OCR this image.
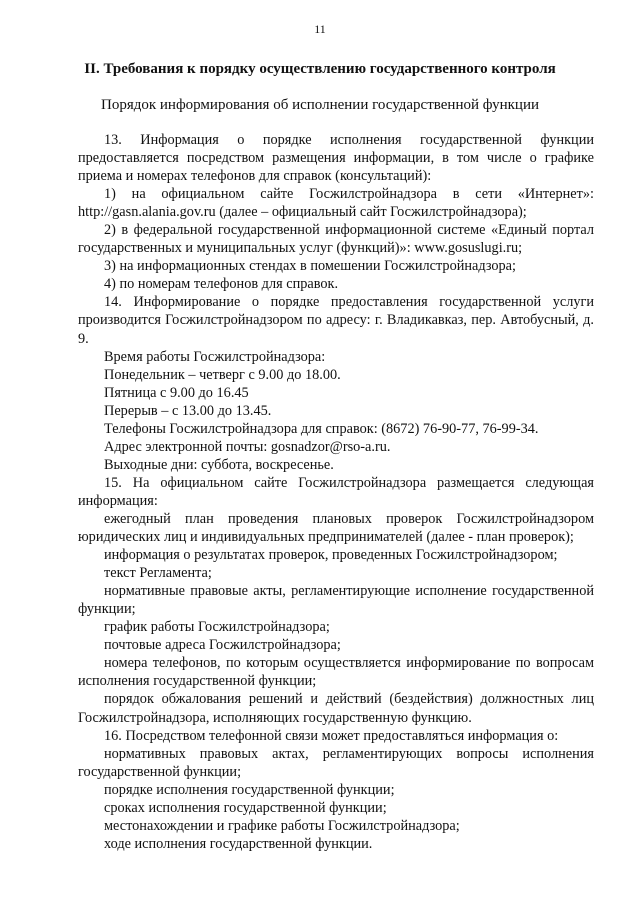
11
II. Требования к порядку осуществлению государственного контроля
Порядок информирования об исполнении государственной функции

13. Информация о порядке исполнения государственной функции предоставляется посредством размещения информации, в том числе о графике приема и номерах телефонов для справок (консультаций):

1) на официальном сайте Госжилстройнадзора в сети «Интернет»: http://gasn.alania.gov.ru (далее – официальный сайт Госжилстройнадзора);

2) в федеральной государственной информационной системе «Единый портал государственных и муниципальных услуг (функций)»: www.gosuslugi.ru;

3) на информационных стендах в помешении Госжилстройнадзора;

4) по номерам телефонов для справок.

14. Информирование о порядке предоставления государственной услуги производится Госжилстройнадзором по адресу: г. Владикавказ, пер. Автобусный, д. 9.

Время работы Госжилстройнадзора:

Понедельник – четверг с 9.00 до 18.00.

Пятница с 9.00 до 16.45

Перерыв – с 13.00 до 13.45.

Телефоны Госжилстройнадзора для справок: (8672) 76-90-77, 76-99-34.

Адрес электронной почты: gosnadzor@rso-a.ru.

Выходные дни: суббота, воскресенье.

15. На официальном сайте Госжилстройнадзора размещается следующая информация:

ежегодный план проведения плановых проверок Госжилстройнадзором юридических лиц и индивидуальных предпринимателей (далее - план проверок);

информация о результатах проверок, проведенных Госжилстройнадзором;

текст Регламента;

нормативные правовые акты, регламентирующие исполнение государственной функции;

график работы Госжилстройнадзора;

почтовые адреса Госжилстройнадзора;

номера телефонов, по которым осуществляется информирование по вопросам исполнения государственной функции;

порядок обжалования решений и действий (бездействия) должностных лиц Госжилстройнадзора, исполняющих государственную функцию.

16. Посредством телефонной связи может предоставляться информация о:

нормативных правовых актах, регламентирующих вопросы исполнения государственной функции;

порядке исполнения государственной функции;

сроках исполнения государственной функции;

местонахождении и графике работы Госжилстройнадзора;

ходе исполнения государственной функции.
